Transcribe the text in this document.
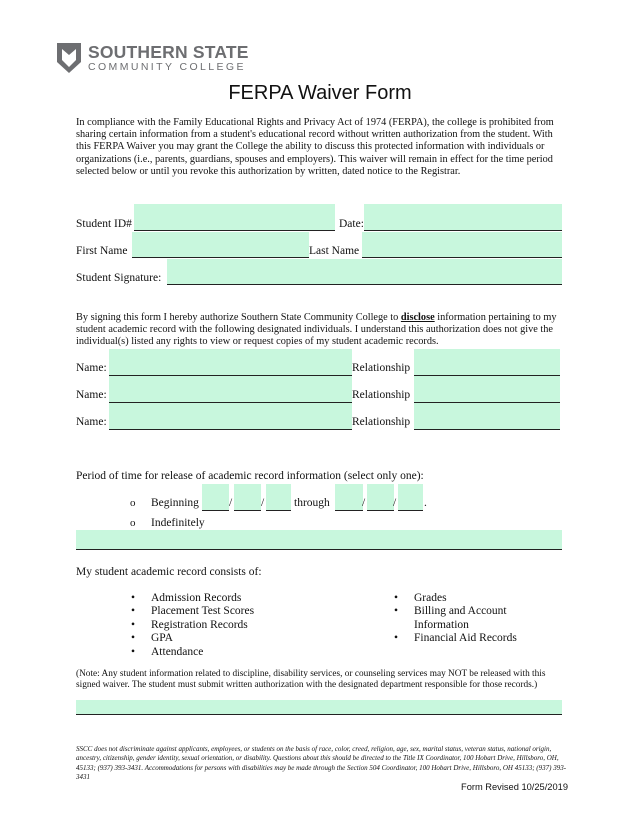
SOUTHERN STATE
COMMUNITY COLLEGE
FERPA Waiver Form
In compliance with the Family Educational Rights and Privacy Act of 1974 (FERPA), the college is prohibited from sharing certain information from a student's educational record without written authorization from the student. With this FERPA Waiver you may grant the College the ability to discuss this protected information with individuals or organizations (i.e., parents, guardians, spouses and employers). This waiver will remain in effect for the time period selected below or until you revoke this authorization by written, dated notice to the Registrar.
Student ID#	Date:
First Name	Last Name
Student Signature:
By signing this form I hereby authorize Southern State Community College to disclose information pertaining to my student academic record with the following designated individuals. I understand this authorization does not give the individual(s) listed any rights to view or request copies of my student academic records.
Name:	Relationship
Name:	Relationship
Name:	Relationship
Period of time for release of academic record information (select only one):
o Beginning	/	/	through	/ / .
o Indefinitely
My student academic record consists of:
• Admission Records
• Placement Test Scores
• Registration Records
• GPA
• Attendance
• Grades
• Billing and Account Information
• Financial Aid Records
(Note: Any student information related to discipline, disability services, or counseling services may NOT be released with this signed waiver. The student must submit written authorization with the designated department responsible for those records.)
SSCC does not discriminate against applicants, employees, or students on the basis of race, color, creed, religion, age, sex, marital status, veteran status, national origin, ancestry, citizenship, gender identity, sexual orientation, or disability. Questions about this should be directed to the Title IX Coordinator, 100 Hobart Drive, Hillsboro, OH, 45133; (937) 393-3431. Accommodations for persons with disabilities may be made through the Section 504 Coordinator, 100 Hobart Drive, Hillsboro, OH 45133; (937) 393-3431
Form Revised 10/25/2019
